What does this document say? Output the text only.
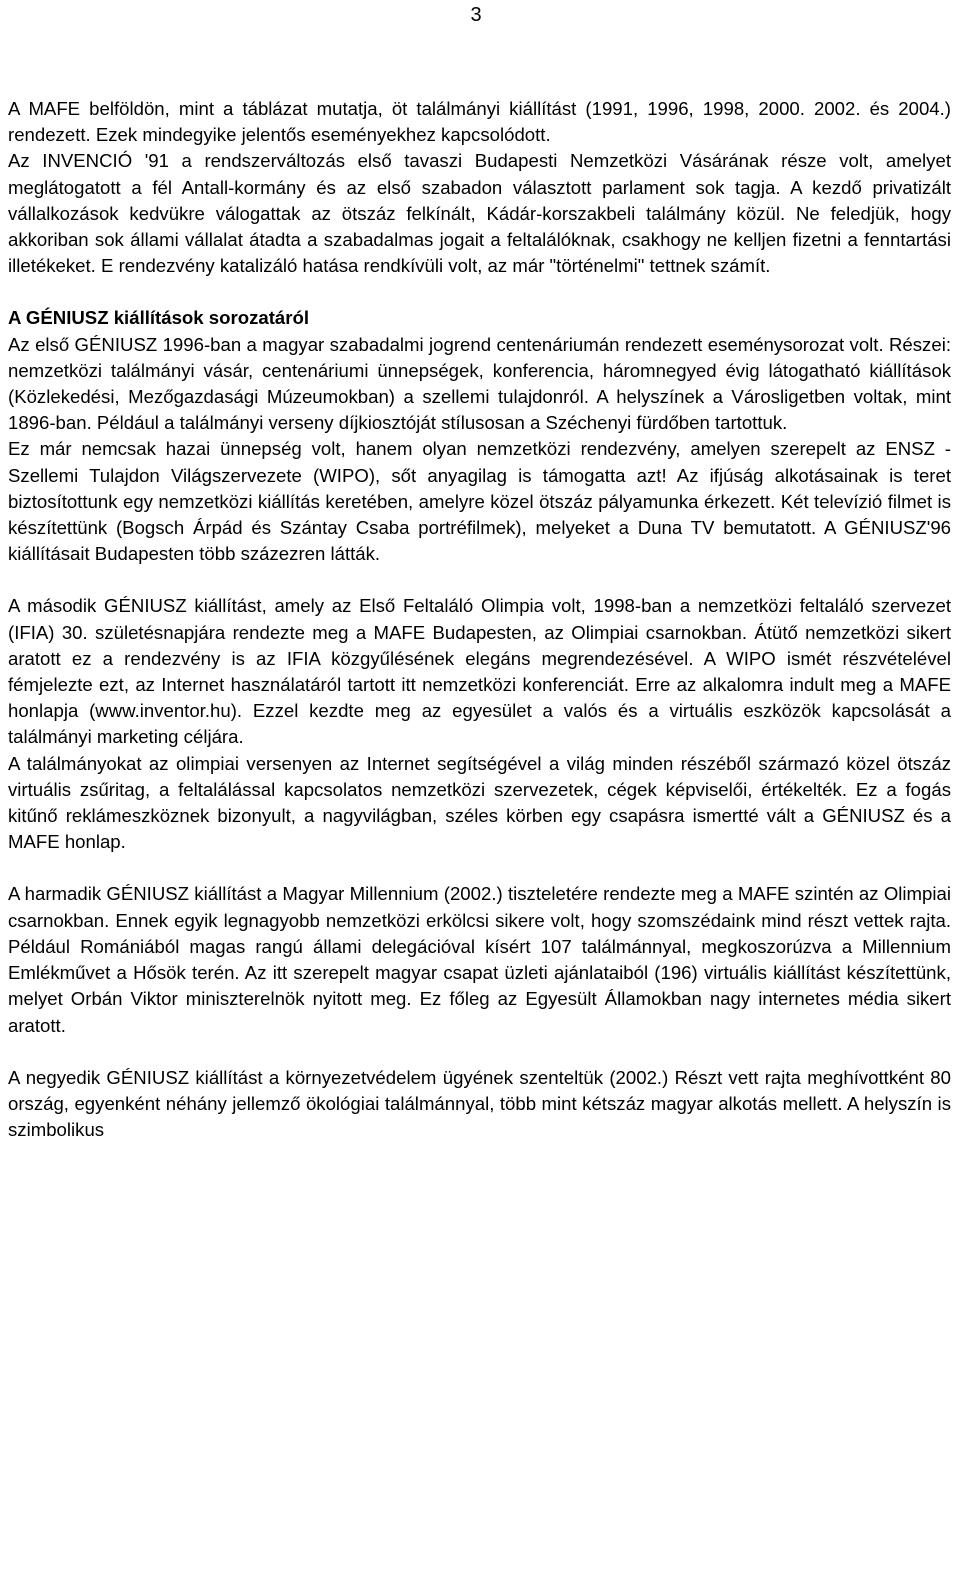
3

A MAFE belföldön, mint a táblázat mutatja, öt találmányi kiállítást (1991, 1996, 1998, 2000. 2002. és 2004.) rendezett. Ezek mindegyike jelentős eseményekhez kapcsolódott.

Az INVENCIÓ '91 a rendszerváltozás első tavaszi Budapesti Nemzetközi Vásárának része volt, amelyet meglátogatott a fél Antall-kormány és az első szabadon választott parlament sok tagja. A kezdő privatizált vállalkozások kedvükre válogattak az ötszáz felkínált, Kádár-korszakbeli találmány közül. Ne feledjük, hogy akkoriban sok állami vállalat átadta a szabadalmas jogait a feltalálóknak, csakhogy ne kelljen fizetni a fenntartási illetékeket. E rendezvény katalizáló hatása rendkívüli volt, az már "történelmi" tettnek számít.

A GÉNIUSZ kiállítások sorozatáról

Az első GÉNIUSZ 1996-ban a magyar szabadalmi jogrend centenáriumán rendezett eseménysorozat volt. Részei: nemzetközi találmányi vásár, centenáriumi ünnepségek, konferencia, háromnegyed évig látogatható kiállítások (Közlekedési, Mezőgazdasági Múzeumokban) a szellemi tulajdonról. A helyszínek a Városligetben voltak, mint 1896-ban. Például a találmányi verseny díjkiosztóját stílusosan a Széchenyi fürdőben tartottuk.

Ez már nemcsak hazai ünnepség volt, hanem olyan nemzetközi rendezvény, amelyen szerepelt az ENSZ - Szellemi Tulajdon Világszervezete (WIPO), sőt anyagilag is támogatta azt! Az ifjúság alkotásainak is teret biztosítottunk egy nemzetközi kiállítás keretében, amelyre közel ötszáz pályamunka érkezett. Két televízió filmet is készítettünk (Bogsch Árpád és Szántay Csaba portréfilmek), melyeket a Duna TV bemutatott. A GÉNIUSZ'96 kiállításait Budapesten több százezren látták.

A második GÉNIUSZ kiállítást, amely az Első Feltaláló Olimpia volt, 1998-ban a nemzetközi feltaláló szervezet (IFIA) 30. születésnapjára rendezte meg a MAFE Budapesten, az Olimpiai csarnokban. Átütő nemzetközi sikert aratott ez a rendezvény is az IFIA közgyűlésének elegáns megrendezésével. A WIPO ismét részvételével fémjelezte ezt, az Internet használatáról tartott itt nemzetközi konferenciát. Erre az alkalomra indult meg a MAFE honlapja (www.inventor.hu). Ezzel kezdte meg az egyesület a valós és a virtuális eszközök kapcsolását a találmányi marketing céljára.

A találmányokat az olimpiai versenyen az Internet segítségével a világ minden részéből származó közel ötszáz virtuális zsűritag, a feltalálással kapcsolatos nemzetközi szervezetek, cégek képviselői, értékelték. Ez a fogás kitűnő reklámeszköznek bizonyult, a nagyvilágban, széles körben egy csapásra ismertté vált a GÉNIUSZ és a MAFE honlap.

A harmadik GÉNIUSZ kiállítást a Magyar Millennium (2002.) tiszteletére rendezte meg a MAFE szintén az Olimpiai csarnokban. Ennek egyik legnagyobb nemzetközi erkölcsi sikere volt, hogy szomszédaink mind részt vettek rajta. Például Romániából magas rangú állami delegációval kísért 107 találmánnyal, megkoszorúzva a Millennium Emlékművet a Hősök terén. Az itt szerepelt magyar csapat üzleti ajánlataiból (196) virtuális kiállítást készítettünk, melyet Orbán Viktor miniszterelnök nyitott meg. Ez főleg az Egyesült Államokban nagy internetes média sikert aratott.

A negyedik GÉNIUSZ kiállítást a környezetvédelem ügyének szenteltük (2002.) Részt vett rajta meghívottként 80 ország, egyenként néhány jellemző ökológiai találmánnyal, több mint kétszáz magyar alkotás mellett. A helyszín is szimbolikus
